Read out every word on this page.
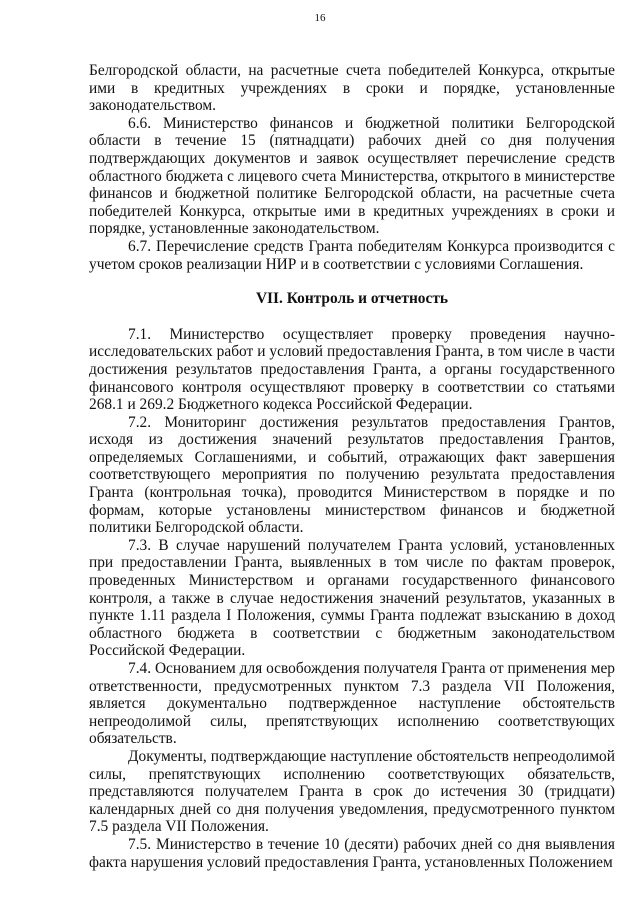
16

Белгородской области, на расчетные счета победителей Конкурса, открытые ими в кредитных учреждениях в сроки и порядке, установленные законодательством.

6.6. Министерство финансов и бюджетной политики Белгородской области в течение 15 (пятнадцати) рабочих дней со дня получения подтверждающих документов и заявок осуществляет перечисление средств областного бюджета с лицевого счета Министерства, открытого в министерстве финансов и бюджетной политике Белгородской области, на расчетные счета победителей Конкурса, открытые ими в кредитных учреждениях в сроки и порядке, установленные законодательством.

6.7. Перечисление средств Гранта победителям Конкурса производится с учетом сроков реализации НИР и в соответствии с условиями Соглашения.

VII. Контроль и отчетность

7.1. Министерство осуществляет проверку проведения научно-исследовательских работ и условий предоставления Гранта, в том числе в части достижения результатов предоставления Гранта, а органы государственного финансового контроля осуществляют проверку в соответствии со статьями 268.1 и 269.2 Бюджетного кодекса Российской Федерации.

7.2. Мониторинг достижения результатов предоставления Грантов, исходя из достижения значений результатов предоставления Грантов, определяемых Соглашениями, и событий, отражающих факт завершения соответствующего мероприятия по получению результата предоставления Гранта (контрольная точка), проводится Министерством в порядке и по формам, которые установлены министерством финансов и бюджетной политики Белгородской области.

7.3. В случае нарушений получателем Гранта условий, установленных при предоставлении Гранта, выявленных в том числе по фактам проверок, проведенных Министерством и органами государственного финансового контроля, а также в случае недостижения значений результатов, указанных в пункте 1.11 раздела I Положения, суммы Гранта подлежат взысканию в доход областного бюджета в соответствии с бюджетным законодательством Российской Федерации.

7.4. Основанием для освобождения получателя Гранта от применения мер ответственности, предусмотренных пунктом 7.3 раздела VII Положения, является документально подтвержденное наступление обстоятельств непреодолимой силы, препятствующих исполнению соответствующих обязательств.

Документы, подтверждающие наступление обстоятельств непреодолимой силы, препятствующих исполнению соответствующих обязательств, представляются получателем Гранта в срок до истечения 30 (тридцати) календарных дней со дня получения уведомления, предусмотренного пунктом 7.5 раздела VII Положения.

7.5. Министерство в течение 10 (десяти) рабочих дней со дня выявления факта нарушения условий предоставления Гранта, установленных Положением
